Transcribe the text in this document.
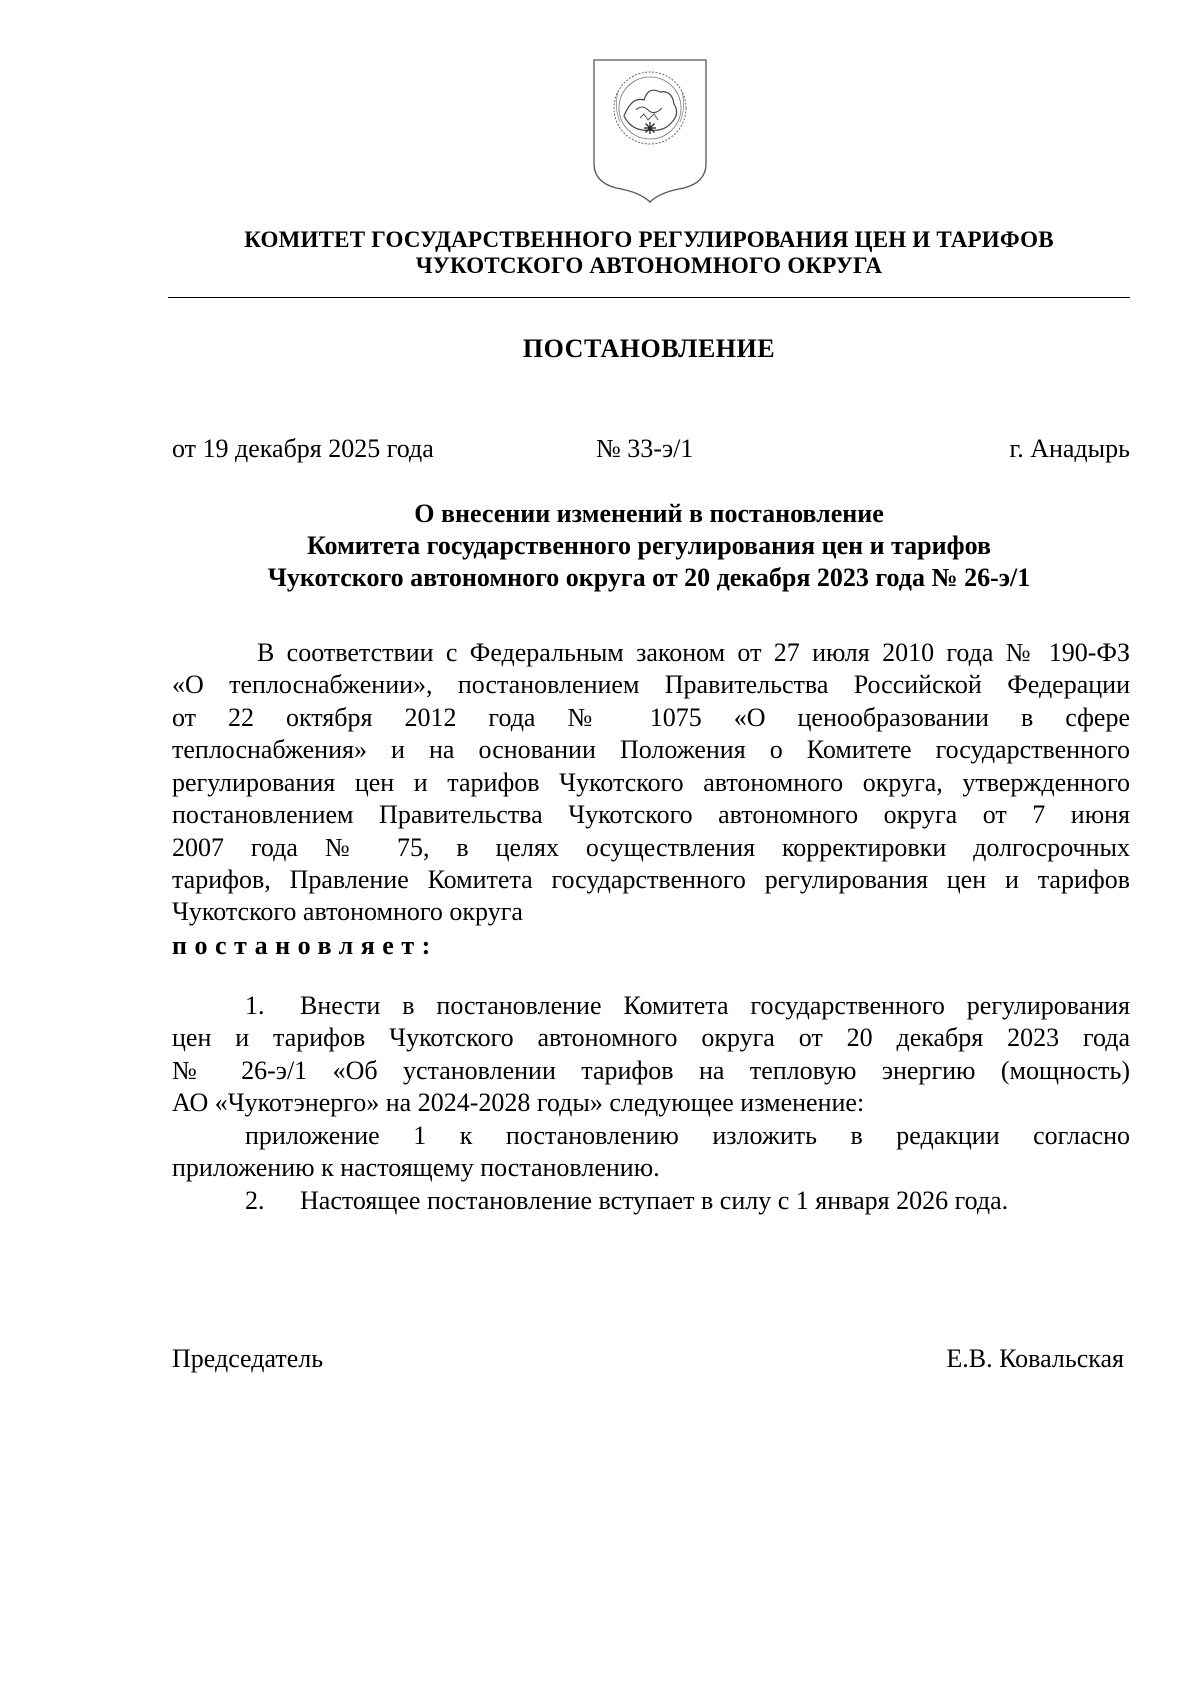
КОМИТЕТ ГОСУДАРСТВЕННОГО РЕГУЛИРОВАНИЯ ЦЕН И ТАРИФОВ
ЧУКОТСКОГО АВТОНОМНОГО ОКРУГА
ПОСТАНОВЛЕНИЕ
от 19 декабря 2025 года	№ 33-э/1	г. Анадырь
О внесении изменений в постановление
Комитета государственного регулирования цен и тарифов
Чукотского автономного округа от 20 декабря 2023 года № 26-э/1
В соответствии с Федеральным законом от 27 июля 2010 года № 190-ФЗ
«О теплоснабжении», постановлением Правительства Российской Федерации
от 22 октября 2012 года № 1075 «О ценообразовании в сфере
теплоснабжения» и на основании Положения о Комитете государственного
регулирования цен и тарифов Чукотского автономного округа, утвержденного
постановлением Правительства Чукотского автономного округа от 7 июня
2007 года № 75, в целях осуществления корректировки долгосрочных
тарифов, Правление Комитета государственного регулирования цен и тарифов
Чукотского автономного округа
постановляет:
1. Внести в постановление Комитета государственного регулирования
цен и тарифов Чукотского автономного округа от 20 декабря 2023 года
№ 26-э/1 «Об установлении тарифов на тепловую энергию (мощность)
АО «Чукотэнерго» на 2024-2028 годы» следующее изменение:
приложение 1 к постановлению изложить в редакции согласно
приложению к настоящему постановлению.
2. Настоящее постановление вступает в силу с 1 января 2026 года.
Председатель	Е.В. Ковальская
